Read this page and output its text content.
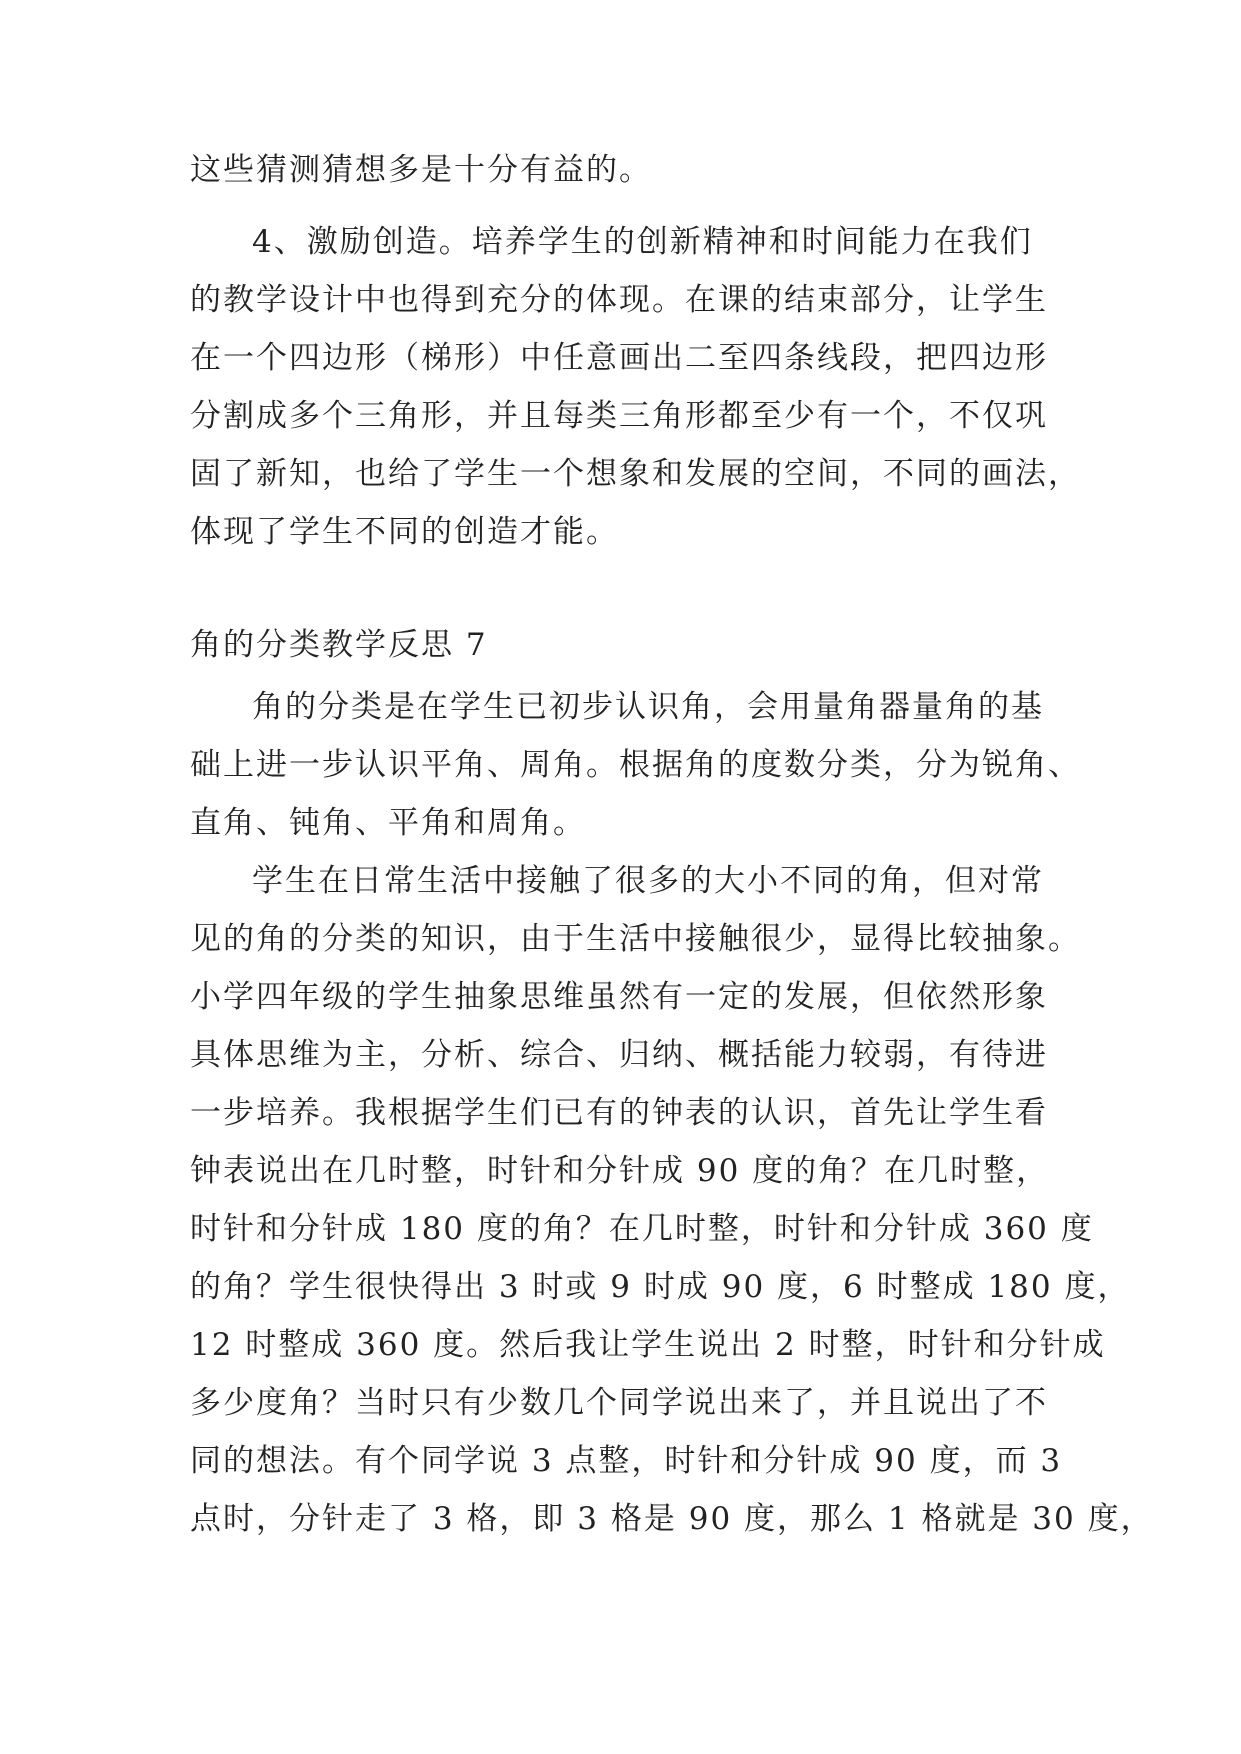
这些猜测猜想多是十分有益的。
4、激励创造。培养学生的创新精神和时间能力在我们
的教学设计中也得到充分的体现。在课的结束部分，让学生
在一个四边形（梯形）中任意画出二至四条线段，把四边形
分割成多个三角形，并且每类三角形都至少有一个，不仅巩
固了新知，也给了学生一个想象和发展的空间，不同的画法，
体现了学生不同的创造才能。
角的分类教学反思 7
角的分类是在学生已初步认识角，会用量角器量角的基
础上进一步认识平角、周角。根据角的度数分类，分为锐角、
直角、钝角、平角和周角。
学生在日常生活中接触了很多的大小不同的角，但对常
见的角的分类的知识，由于生活中接触很少，显得比较抽象。
小学四年级的学生抽象思维虽然有一定的发展，但依然形象
具体思维为主，分析、综合、归纳、概括能力较弱，有待进
一步培养。我根据学生们已有的钟表的认识，首先让学生看
钟表说出在几时整，时针和分针成 90 度的角？在几时整，
时针和分针成 180 度的角？在几时整，时针和分针成 360 度
的角？学生很快得出 3 时或 9 时成 90 度，6 时整成 180 度，
12 时整成 360 度。然后我让学生说出 2 时整，时针和分针成
多少度角？当时只有少数几个同学说出来了，并且说出了不
同的想法。有个同学说 3 点整，时针和分针成 90 度，而 3
点时，分针走了 3 格，即 3 格是 90 度，那么 1 格就是 30 度，
